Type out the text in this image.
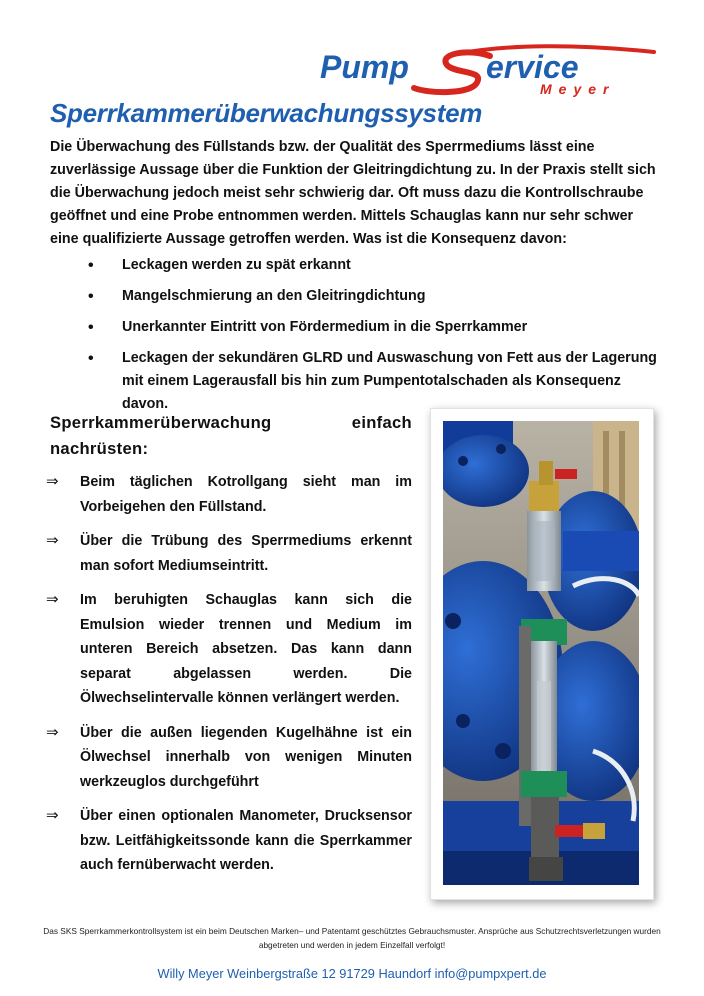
Pump ervice
Meyer
Sperrkammerüberwachungssystem

Die Überwachung des Füllstands bzw. der Qualität des Sperrmediums lässt eine zuverlässige Aussage über die Funktion der Gleitringdichtung zu. In der Praxis stellt sich die Überwachung jedoch meist sehr schwierig dar. Oft muss dazu die Kontrollschraube geöffnet und eine Probe entnommen werden. Mittels Schauglas kann nur sehr schwer eine qualifizierte Aussage getroffen werden. Was ist die Konsequenz davon:

• Leckagen werden zu spät erkannt
• Mangelschmierung an den Gleitringdichtung
• Unerkannter Eintritt von Fördermedium in die Sperrkammer
• Leckagen der sekundären GLRD und Auswaschung von Fett aus der Lagerung mit einem Lagerausfall bis hin zum Pumpentotalschaden als Konsequenz davon.
Sperrkammerüberwachung einfach nachrüsten:
⇒ Beim täglichen Kotrollgang sieht man im Vorbeigehen den Füllstand.
⇒ Über die Trübung des Sperrmediums erkennt man sofort Mediumseintritt.
⇒ Im beruhigten Schauglas kann sich die Emulsion wieder trennen und Medium im unteren Bereich absetzen. Das kann dann separat abgelassen werden. Die Ölwechselintervalle können verlängert werden.
⇒ Über die außen liegenden Kugelhähne ist ein Ölwechsel innerhalb von wenigen Minuten werkzeuglos durchgeführt
⇒ Über einen optionalen Manometer, Drucksensor bzw. Leitfähigkeitssonde kann die Sperrkammer auch fernüberwacht werden.

Das SKS Sperrkammerkontrollsystem ist ein beim Deutschen Marken– und Patentamt geschütztes Gebrauchsmuster. Ansprüche aus Schutzrechtsverletzungen wurden abgetreten und werden in jedem Einzelfall verfolgt!

Willy Meyer Weinbergstraße 12 91729 Haundorf info@pumpxpert.de
